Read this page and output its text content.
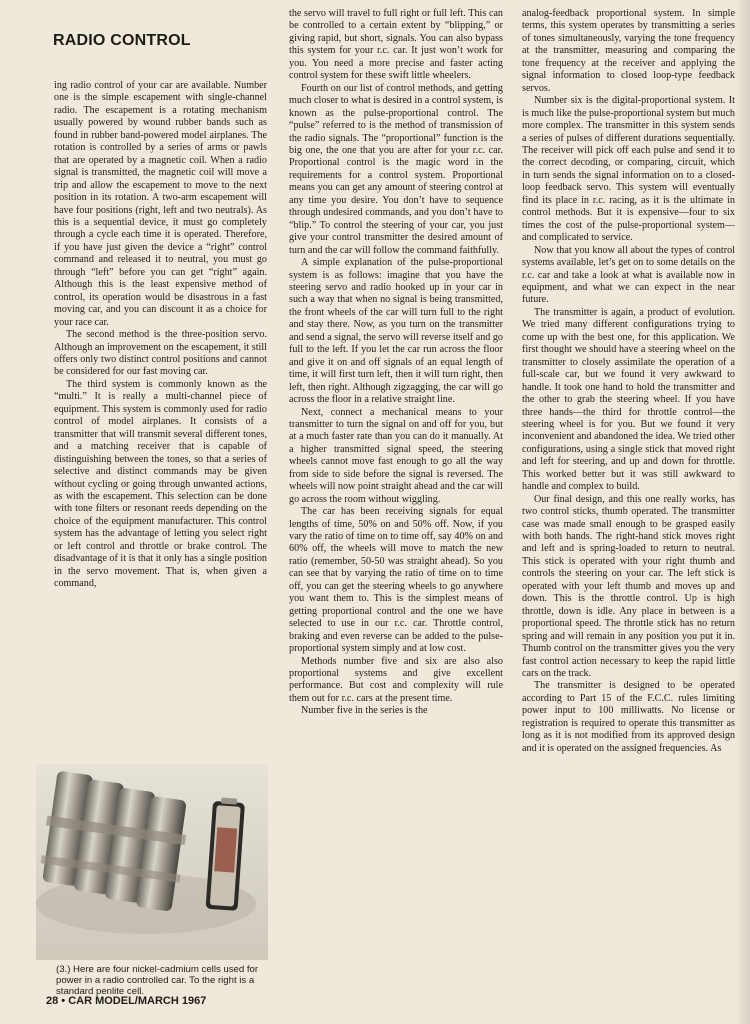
RADIO CONTROL

ing radio control of your car are available. Number one is the simple escapement with single-channel radio. The escapement is a rotating mechanism usually powered by wound rubber bands such as found in rubber band-powered model airplanes. The rotation is controlled by a series of arms or pawls that are operated by a magnetic coil. When a radio signal is transmitted, the magnetic coil will move a trip and allow the escapement to move to the next position in its rotation. A two-arm escapement will have four positions (right, left and two neutrals). As this is a sequential device, it must go completely through a cycle each time it is operated. Therefore, if you have just given the device a “right” control command and released it to neutral, you must go through “left” before you can get “right” again. Although this is the least expensive method of control, its operation would be disastrous in a fast moving car, and you can discount it as a choice for your race car.

The second method is the three-position servo. Although an improvement on the escapement, it still offers only two distinct control positions and cannot be considered for our fast moving car.

The third system is commonly known as the “multi.” It is really a multi-channel piece of equipment. This system is commonly used for radio control of model airplanes. It consists of a transmitter that will transmit several different tones, and a matching receiver that is capable of distinguishing between the tones, so that a series of selective and distinct commands may be given without cycling or going through unwanted actions, as with the escapement. This selection can be done with tone filters or resonant reeds depending on the choice of the equipment manufacturer. This control system has the advantage of letting you select right or left control and throttle or brake control. The disadvantage of it is that it only has a single position in the servo movement. That is, when given a command,

(3.) Here are four nickel-cadmium cells used for power in a radio controlled car. To the right is a standard penlite cell.

the servo will travel to full right or full left. This can be controlled to a certain extent by “blipping,” or giving rapid, but short, signals. You can also bypass this system for your r.c. car. It just won’t work for you. You need a more precise and faster acting control system for these swift little wheelers.

Fourth on our list of control methods, and getting much closer to what is desired in a control system, is known as the pulse-proportional control. The “pulse” referred to is the method of transmission of the radio signals. The “proportional” function is the big one, the one that you are after for your r.c. car. Proportional control is the magic word in the requirements for a control system. Proportional means you can get any amount of steering control at any time you desire. You don’t have to sequence through undesired commands, and you don’t have to “blip.” To control the steering of your car, you just give your control transmitter the desired amount of turn and the car will follow the command faithfully.

A simple explanation of the pulse-proportional system is as follows: imagine that you have the steering servo and radio hooked up in your car in such a way that when no signal is being transmitted, the front wheels of the car will turn full to the right and stay there. Now, as you turn on the transmitter and send a signal, the servo will reverse itself and go full to the left. If you let the car run across the floor and give it on and off signals of an equal length of time, it will first turn left, then it will turn right, then left, then right. Although zigzagging, the car will go across the floor in a relative straight line.

Next, connect a mechanical means to your transmitter to turn the signal on and off for you, but at a much faster rate than you can do it manually. At a higher transmitted signal speed, the steering wheels cannot move fast enough to go all the way from side to side before the signal is reversed. The wheels will now point straight ahead and the car will go across the room without wiggling.

The car has been receiving signals for equal lengths of time, 50% on and 50% off. Now, if you vary the ratio of time on to time off, say 40% on and 60% off, the wheels will move to match the new ratio (remember, 50-50 was straight ahead). So you can see that by varying the ratio of time on to time off, you can get the steering wheels to go anywhere you want them to. This is the simplest means of getting proportional control and the one we have selected to use in our r.c. car. Throttle control, braking and even reverse can be added to the pulse-proportional system simply and at low cost.

Methods number five and six are also also proportional systems and give excellent performance. But cost and complexity will rule them out for r.c. cars at the present time.

Number five in the series is the

analog-feedback proportional system. In simple terms, this system operates by transmitting a series of tones simultaneously, varying the tone frequency at the transmitter, measuring and comparing the tone frequency at the receiver and applying the signal information to closed loop-type feedback servos.

Number six is the digital-proportional system. It is much like the pulse-proportional system but much more complex. The transmitter in this system sends a series of pulses of different durations sequentially. The receiver will pick off each pulse and send it to the correct decoding, or comparing, circuit, which in turn sends the signal information on to a closed-loop feedback servo. This system will eventually find its place in r.c. racing, as it is the ultimate in control methods. But it is expensive—four to six times the cost of the pulse-proportional system—and complicated to service.

Now that you know all about the types of control systems available, let’s get on to some details on the r.c. car and take a look at what is available now in equipment, and what we can expect in the near future.

The transmitter is again, a product of evolution. We tried many different configurations trying to come up with the best one, for this application. We first thought we should have a steering wheel on the transmitter to closely assimilate the operation of a full-scale car, but we found it very awkward to handle. It took one hand to hold the transmitter and the other to grab the steering wheel. If you have three hands—the third for throttle control—the steering wheel is for you. But we found it very inconvenient and abandoned the idea. We tried other configurations, using a single stick that moved right and left for steering, and up and down for throttle. This worked better but it was still awkward to handle and complex to build.

Our final design, and this one really works, has two control sticks, thumb operated. The transmitter case was made small enough to be grasped easily with both hands. The right-hand stick moves right and left and is spring-loaded to return to neutral. This stick is operated with your right thumb and controls the steering on your car. The left stick is operated with your left thumb and moves up and down. This is the throttle control. Up is high throttle, down is idle. Any place in between is a proportional speed. The throttle stick has no return spring and will remain in any position you put it in. Thumb control on the transmitter gives you the very fast control action necessary to keep the rapid little cars on the track.

The transmitter is designed to be operated according to Part 15 of the F.C.C. rules limiting power input to 100 milliwatts. No license or registration is required to operate this transmitter as long as it is not modified from its approved design and it is operated on the assigned frequencies. As

28 • CAR MODEL/MARCH 1967
